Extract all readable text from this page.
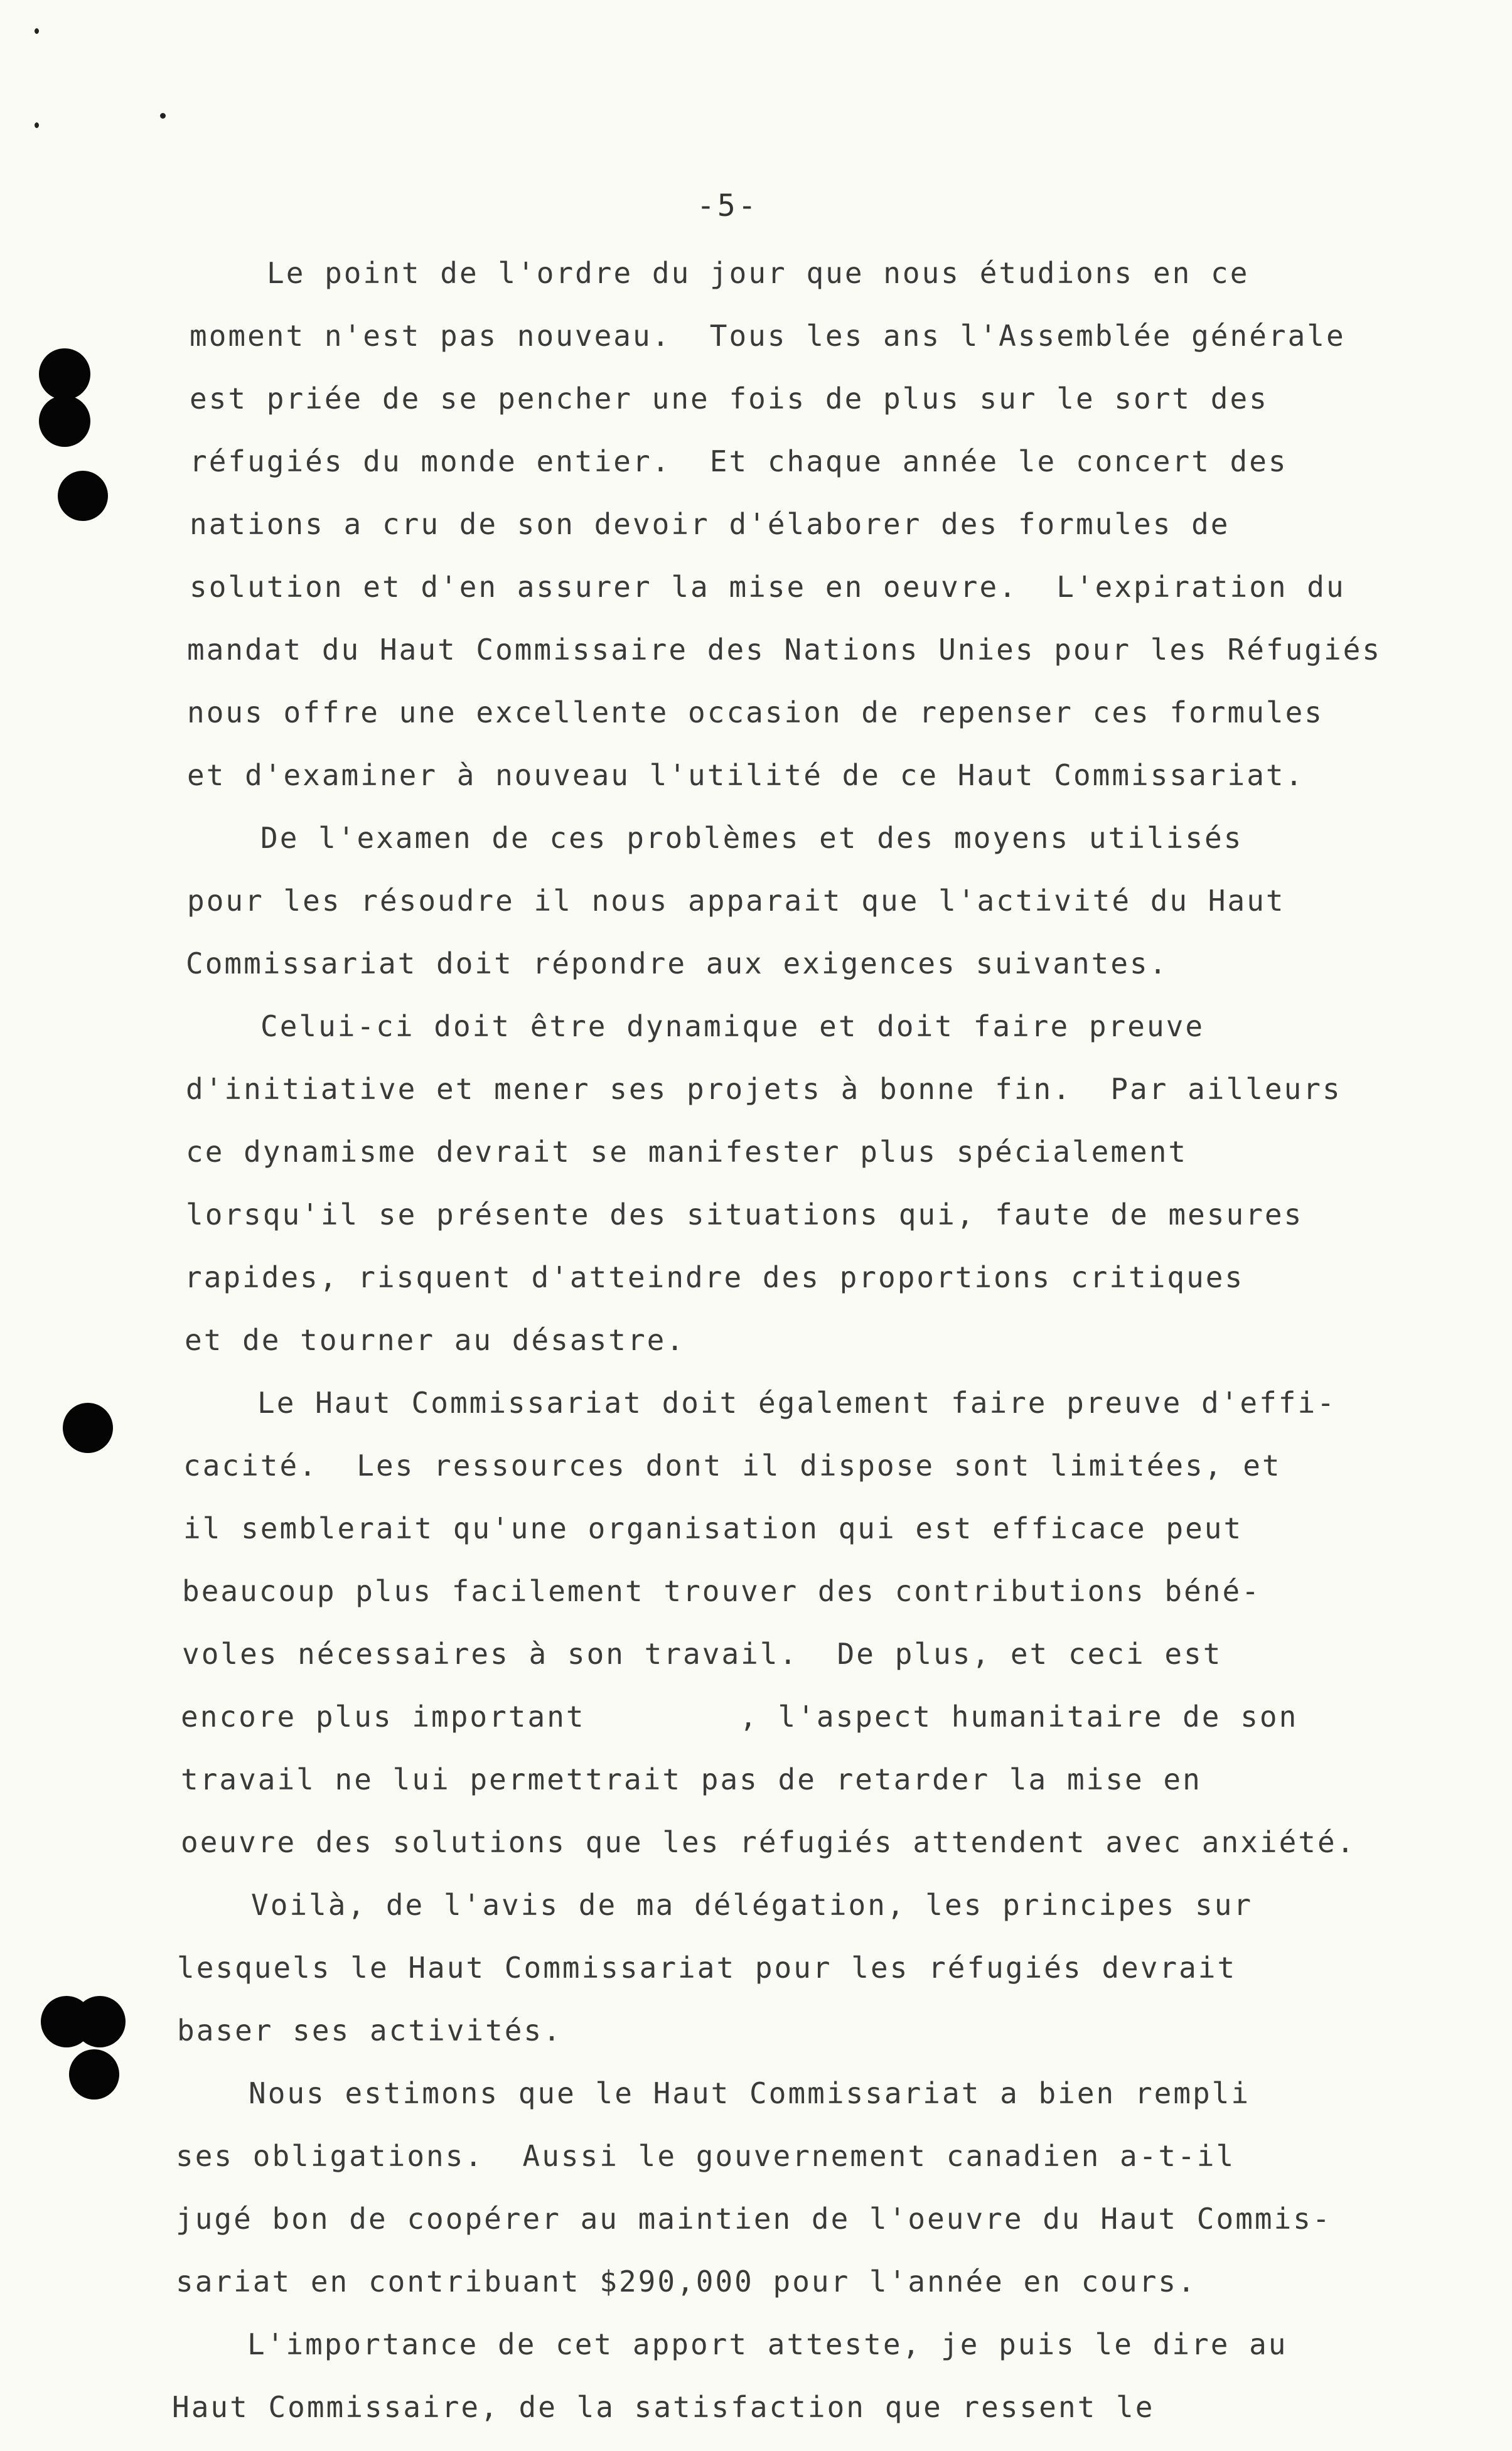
-5-
Le point de l'ordre du jour que nous étudions en ce
moment n'est pas nouveau.  Tous les ans l'Assemblée générale
est priée de se pencher une fois de plus sur le sort des
réfugiés du monde entier.  Et chaque année le concert des
nations a cru de son devoir d'élaborer des formules de
solution et d'en assurer la mise en oeuvre.  L'expiration du
mandat du Haut Commissaire des Nations Unies pour les Réfugiés
nous offre une excellente occasion de repenser ces formules
et d'examiner à nouveau l'utilité de ce Haut Commissariat.
De l'examen de ces problèmes et des moyens utilisés
pour les résoudre il nous apparait que l'activité du Haut
Commissariat doit répondre aux exigences suivantes.
Celui-ci doit être dynamique et doit faire preuve
d'initiative et mener ses projets à bonne fin.  Par ailleurs
ce dynamisme devrait se manifester plus spécialement
lorsqu'il se présente des situations qui, faute de mesures
rapides, risquent d'atteindre des proportions critiques
et de tourner au désastre.
Le Haut Commissariat doit également faire preuve d'effi-
cacité.  Les ressources dont il dispose sont limitées, et
il semblerait qu'une organisation qui est efficace peut
beaucoup plus facilement trouver des contributions béné-
voles nécessaires à son travail.  De plus, et ceci est
encore plus important        , l'aspect humanitaire de son
travail ne lui permettrait pas de retarder la mise en
oeuvre des solutions que les réfugiés attendent avec anxiété.
Voilà, de l'avis de ma délégation, les principes sur
lesquels le Haut Commissariat pour les réfugiés devrait
baser ses activités.
Nous estimons que le Haut Commissariat a bien rempli
ses obligations.  Aussi le gouvernement canadien a-t-il
jugé bon de coopérer au maintien de l'oeuvre du Haut Commis-
sariat en contribuant $290,000 pour l'année en cours.
L'importance de cet apport atteste, je puis le dire au
Haut Commissaire, de la satisfaction que ressent le
